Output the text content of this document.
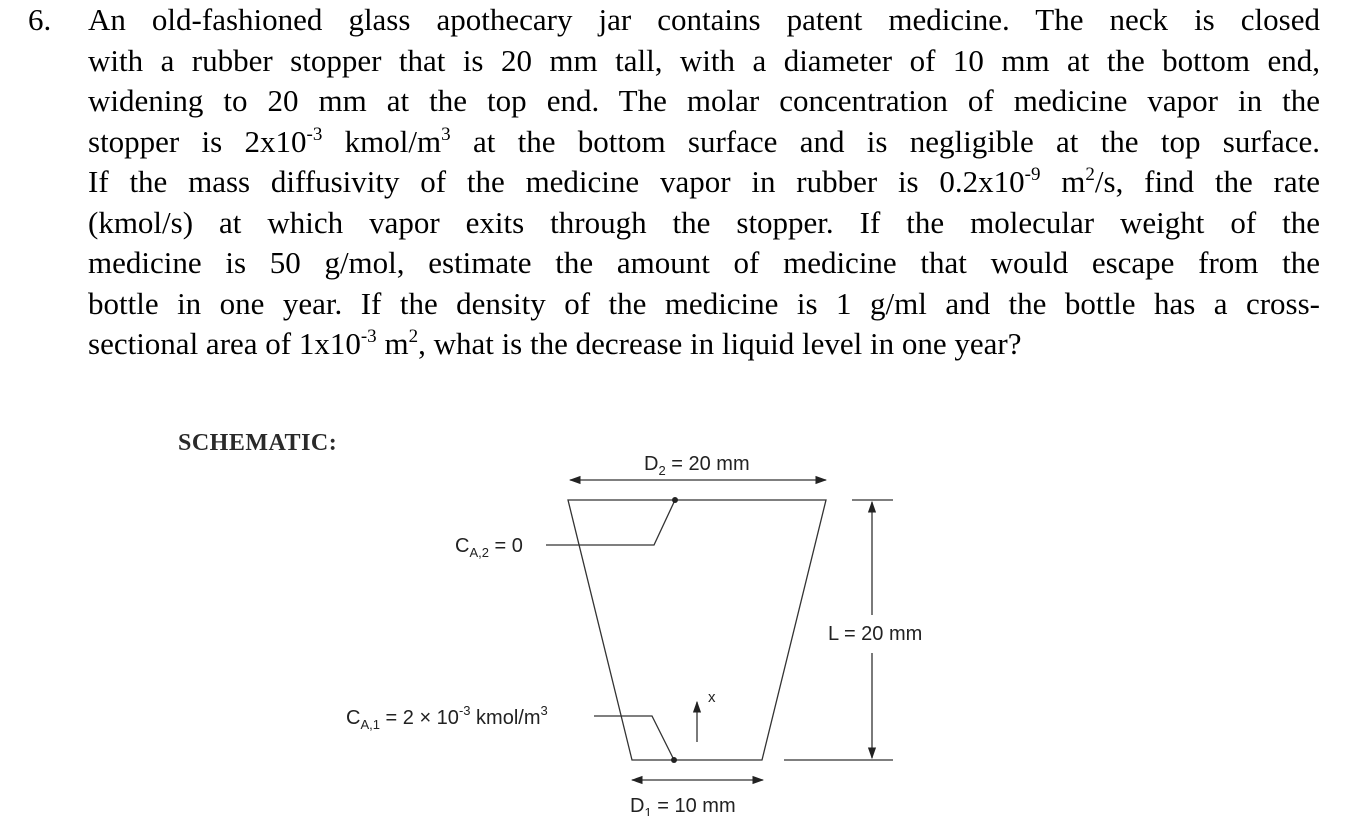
6. An old-fashioned glass apothecary jar contains patent medicine. The neck is closed
with a rubber stopper that is 20 mm tall, with a diameter of 10 mm at the bottom end,
widening to 20 mm at the top end. The molar concentration of medicine vapor in the
stopper is $2x10^{-3}$ kmol/$m^3$ at the bottom surface and is negligible at the top surface.
If the mass diffusivity of the medicine vapor in rubber is $0.2x10^{-9}$ $m^2/s$, find the rate
(kmol/s) at which vapor exits through the stopper. If the molecular weight of the
medicine is 50 g/mol, estimate the amount of medicine that would escape from the
bottle in one year. If the density of the medicine is 1 g/ml and the bottle has a cross-
sectional area of $1x10^{-3}$ $m^2$, what is the decrease in liquid level in one year?
SCHEMATIC:
$D_2 = 20$ mm
$D_1 = 10$ mm
L = 20 mm
$C_{A,2} = 0$
$C_{A,1} = 2 \times 10^{-3}$ kmol/$m^3$
x
